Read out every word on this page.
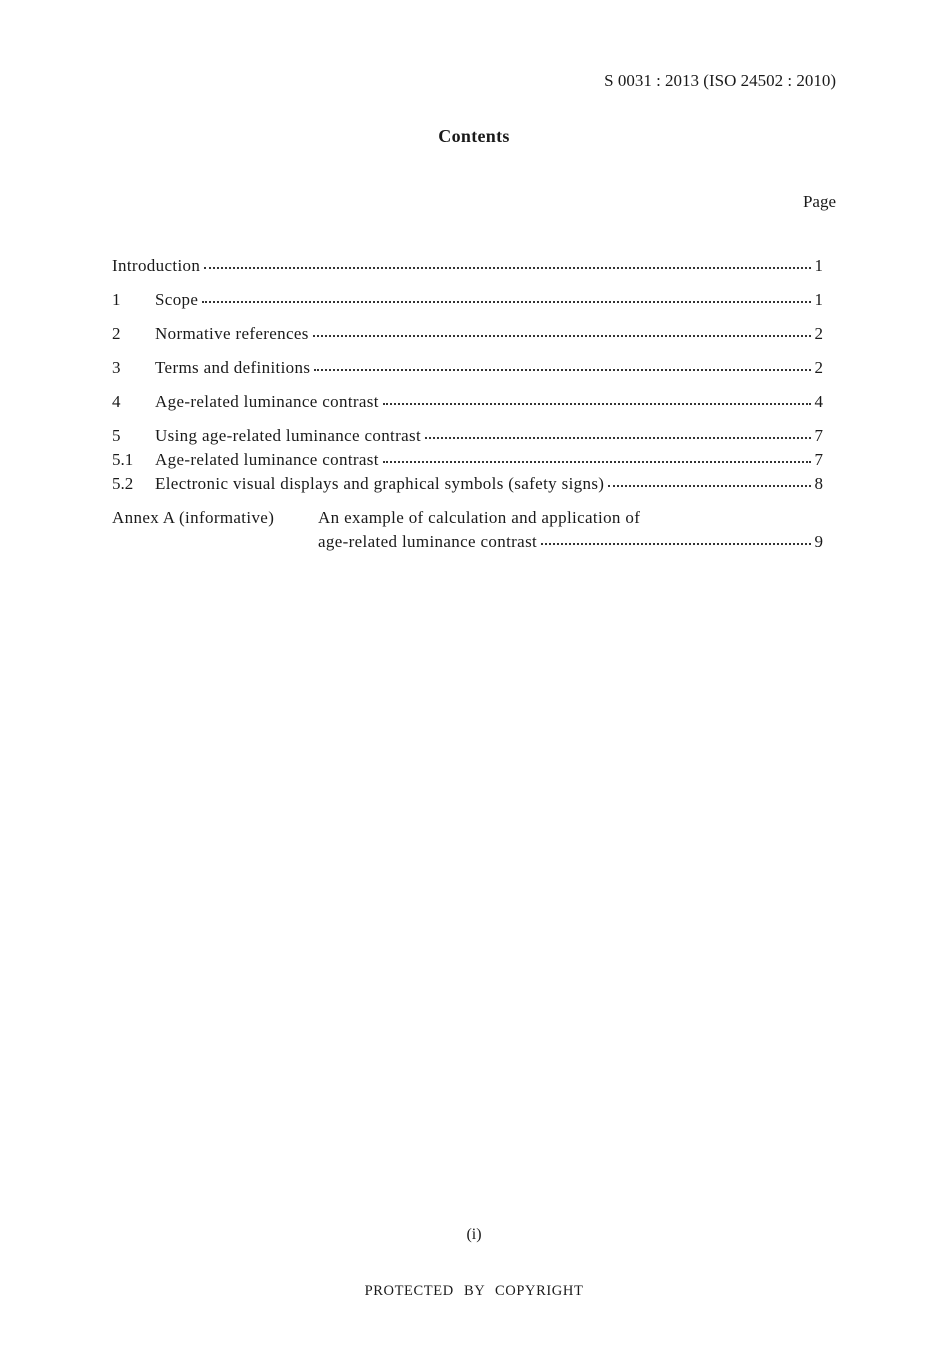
S 0031 : 2013 (ISO 24502 : 2010)
Contents
Page
Introduction	1
1	Scope	1
2	Normative references	2
3	Terms and definitions	2
4	Age-related luminance contrast	4
5	Using age-related luminance contrast	7
5.1	Age-related luminance contrast	7
5.2	Electronic visual displays and graphical symbols (safety signs)	8
Annex A (informative)	An example of calculation and application of
age-related luminance contrast	9
(i)
PROTECTED BY COPYRIGHT
